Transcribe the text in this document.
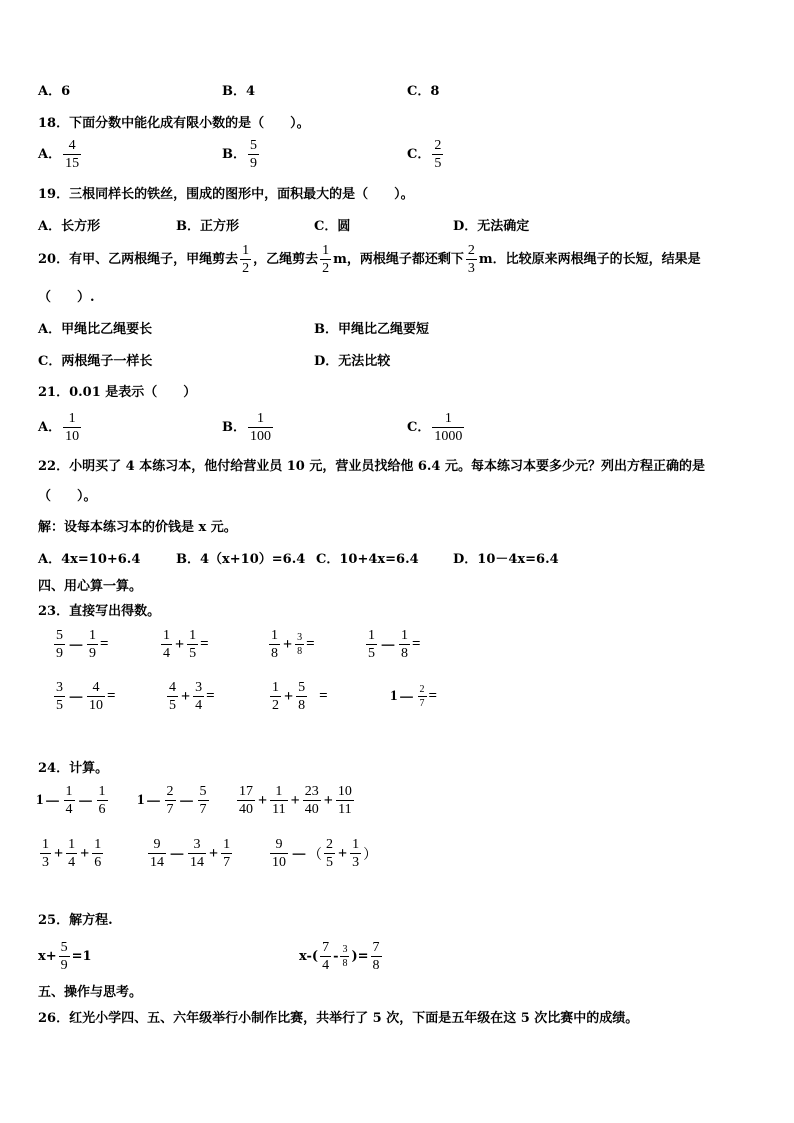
A．6	B．4	C．8
18．下面分数中能化成有限小数的是（　　）。
A．
4
15
B．
5
9
C．
2
5
19．三根同样长的铁丝，围成的图形中，面积最大的是（　　）。
A．长方形	B．正方形	C．圆	D．无法确定
20．有甲、乙两根绳子，甲绳剪去
1
2
，乙绳剪去
1
2
m，两根绳子都还剩下
2
3
m．比较原来两根绳子的长短，结果是
（　　）.
A．甲绳比乙绳要长	B．甲绳比乙绳要短
C．两根绳子一样长	D．无法比较
21．0.01 是表示（　　）
A．
1
10
B．
1
100
C．
1
1000
22．小明买了 4 本练习本，他付给营业员 10 元，营业员找给他 6.4 元。每本练习本要多少元？列出方程正确的是
（　　）。
解：设每本练习本的价钱是 x 元。
A．4x=10+6.4	B．4（x+10）=6.4 C．10+4x=6.4	D．10－4x=6.4
四、用心算一算。
23．直接写出得数。
5
$9 - \frac{1}{9}$ =
1
4
+ $\frac{1}{5}$ =
1
8
+ $\frac{3}{8}$ =
1
$5 - \frac{1}{8}$ =
3
$5 - \frac{4}{10}$ =
4
5
+ $\frac{3}{4}$ =
1
2
+ $\frac{5}{8}$ =	$1 - \frac{2}{7}$ =
24．计算。
1 －
1
4 －
1
6
1 －
2
7 －
5
7
17
40
+ $\frac{1}{11} + \frac{23}{40} + \frac{10}{11}$
1
3
+ $\frac{1}{4} + \frac{1}{6}$	9
14 －
3
14
+ $\frac{1}{7}$	9
10 － （
2
5
+ $\frac{1}{3}$ ）
25．解方程.
$x+ \frac{5}{9} =1$	x-(
7
4
- 3
8 )= $\frac{7}{8}$
五、操作与思考。
26．红光小学四、五、六年级举行小制作比赛，共举行了 5 次，下面是五年级在这 5 次比赛中的成绩。
